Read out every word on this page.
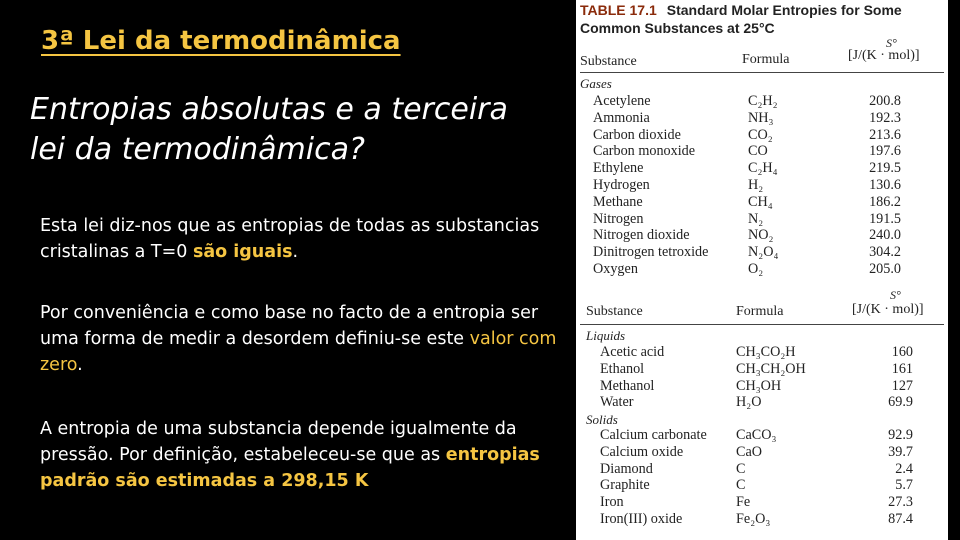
3ª Lei da termodinâmica
Entropias absolutas e a terceira
lei da termodinâmica?
Esta lei diz-nos que as entropias de todas as substancias cristalinas a T=0 são iguais.
Por conveniência e como base no facto de a entropia ser uma forma de medir a desordem definiu-se este valor com zero.
A entropia de uma substancia depende igualmente da pressão. Por definição, estabeleceu-se que as entropias padrão são estimadas a 298,15 K
TABLE 17.1 Standard Molar Entropies for Some
Common Substances at 25°C
S°
Substance	Formula	[J/(K · mol)]
Gases
S°
Substance	Formula	[J/(K · mol)]
Liquids
Solids
Acetylene	C₂H₂	200.8
Ammonia	NH₃	192.3
Carbon dioxide	CO₂	213.6
Carbon monoxide	CO	197.6
Ethylene	C₂H₄	219.5
Hydrogen	H₂	130.6
Methane	CH₄	186.2
Nitrogen	N₂	191.5
Nitrogen dioxide	NO₂	240.0
Dinitrogen tetroxide	N₂O₄	304.2
Oxygen	O₂	205.0
Acetic acid	CH₃CO₂H	160
Ethanol	CH₃CH₂OH	161
Methanol	CH₃OH	127
Water	H₂O	69.9
Calcium carbonate CaCO₃	92.9
Calcium oxide	CaO	39.7
Diamond	C	2.4
Graphite	C	5.7
Iron	Fe	27.3
Iron(III) oxide	Fe₂O₃	87.4
